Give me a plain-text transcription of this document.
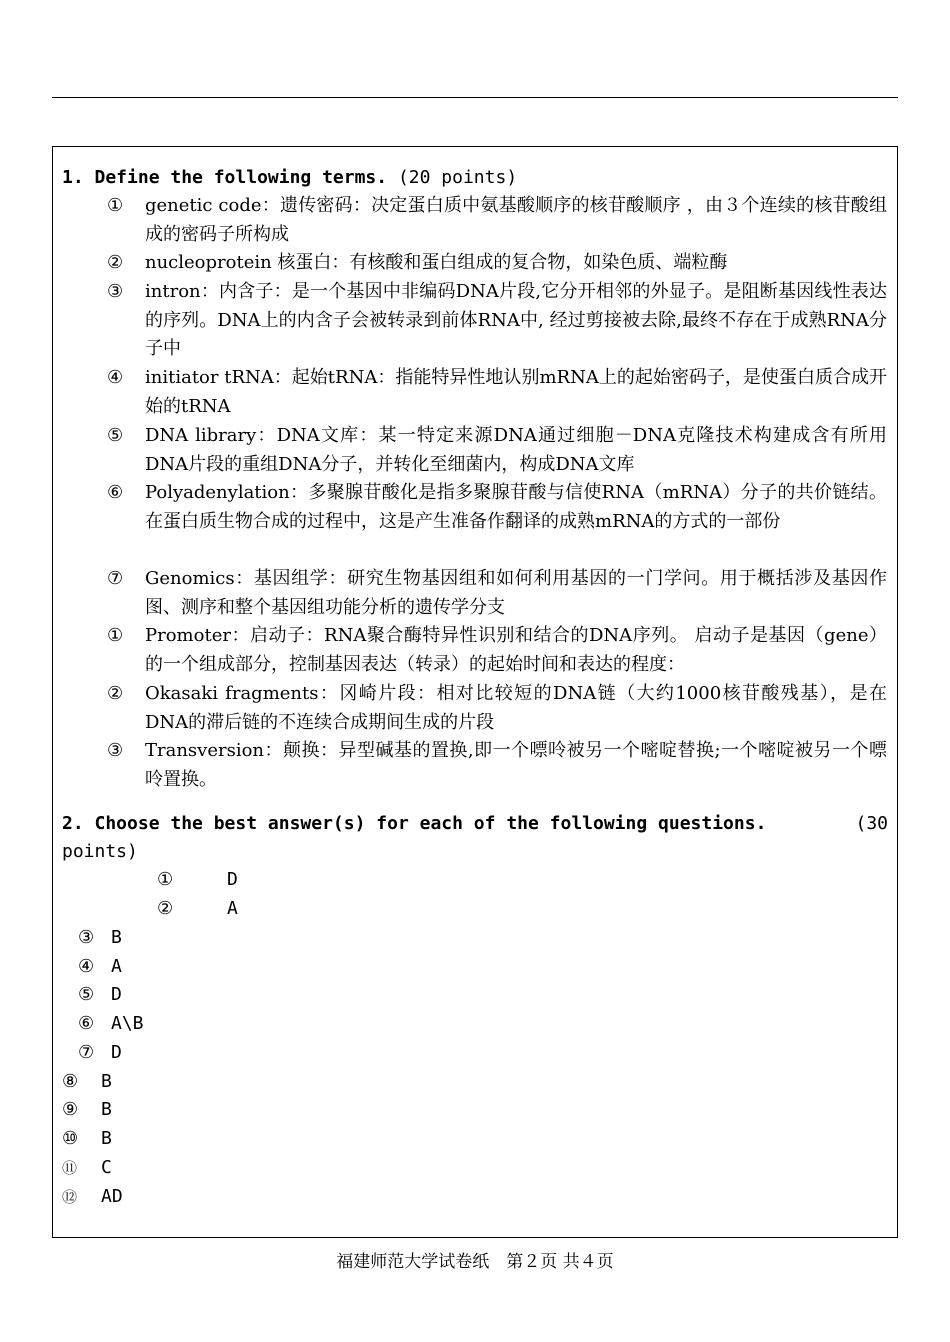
1. Define the following terms. (20 points)
① genetic code：遗传密码：决定蛋白质中氨基酸顺序的核苷酸顺序 ，由３个连续的核苷酸组成的密码子所构成
② nucleoprotein 核蛋白：有核酸和蛋白组成的复合物，如染色质、端粒酶
③ intron：内含子：是一个基因中非编码DNA片段,它分开相邻的外显子。是阻断基因线性表达的序列。DNA上的内含子会被转录到前体RNA中, 经过剪接被去除,最终不存在于成熟RNA分子中
④ initiator tRNA：起始tRNA：指能特异性地认别mRNA上的起始密码子，是使蛋白质合成开始的tRNA
⑤ DNA library：DNA文库：某一特定来源DNA通过细胞－DNA克隆技术构建成含有所用DNA片段的重组DNA分子，并转化至细菌内，构成DNA文库
⑥ Polyadenylation：多聚腺苷酸化是指多聚腺苷酸与信使RNA（mRNA）分子的共价链结。在蛋白质生物合成的过程中，这是产生准备作翻译的成熟mRNA的方式的一部份
⑦ Genomics：基因组学：研究生物基因组和如何利用基因的一门学问。用于概括涉及基因作图、测序和整个基因组功能分析的遗传学分支
① Promoter：启动子：RNA聚合酶特异性识别和结合的DNA序列。 启动子是基因（gene）的一个组成部分，控制基因表达（转录）的起始时间和表达的程度：
② Okasaki fragments：冈崎片段：相对比较短的DNA链（大约1000核苷酸残基），是在DNA的滞后链的不连续合成期间生成的片段
③ Transversion：颠换：异型碱基的置换,即一个嘌呤被另一个嘧啶替换;一个嘧啶被另一个嘌呤置换。
2. Choose the best answer(s) for each of the following questions.	(30
points)
①	D
②	A
③ B
④ A
⑤ D
⑥ A\B
⑦ D
⑧ B
⑨ B
⑩ B
⑪ C
⑫ AD
福建师范大学试卷纸　第２页 共４页
